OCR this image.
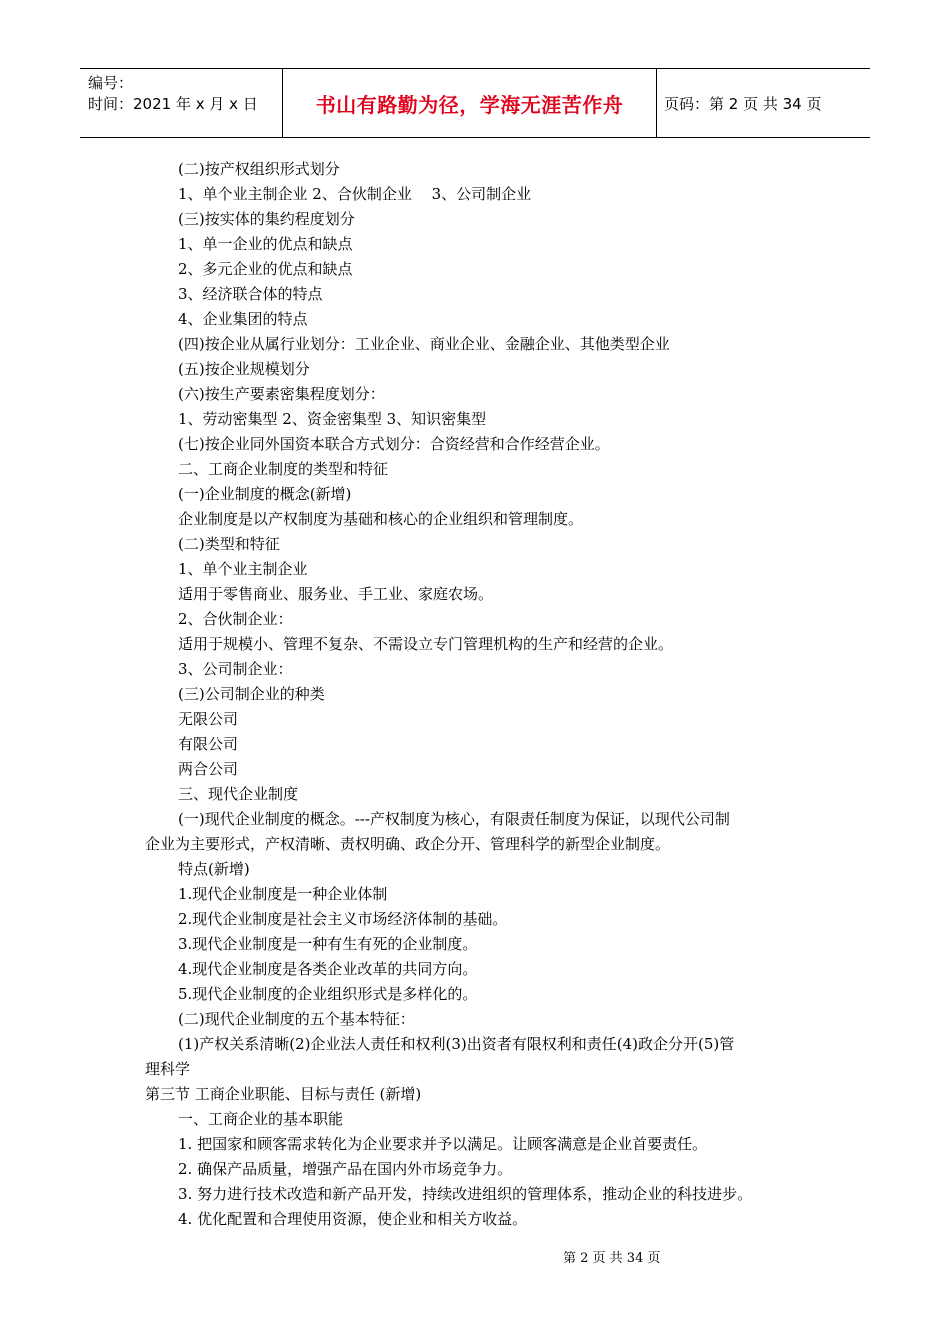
编号：
时间：2021 年 x 月 x 日	书山有路勤为径，学海无涯苦作舟	页码：第 2 页 共 34 页
(二)按产权组织形式划分
1、单个业主制企业 2、合伙制企业　 3、公司制企业
(三)按实体的集约程度划分
1、单一企业的优点和缺点
2、多元企业的优点和缺点
3、经济联合体的特点
4、企业集团的特点
(四)按企业从属行业划分：工业企业、商业企业、金融企业、其他类型企业
(五)按企业规模划分
(六)按生产要素密集程度划分：
1、劳动密集型 2、资金密集型 3、知识密集型
(七)按企业同外国资本联合方式划分：合资经营和合作经营企业。
二、工商企业制度的类型和特征
(一)企业制度的概念(新增)
企业制度是以产权制度为基础和核心的企业组织和管理制度。
(二)类型和特征
1、单个业主制企业
适用于零售商业、服务业、手工业、家庭农场。
2、合伙制企业：
适用于规模小、管理不复杂、不需设立专门管理机构的生产和经营的企业。
3、公司制企业：
(三)公司制企业的种类
无限公司
有限公司
两合公司
三、现代企业制度
(一)现代企业制度的概念。---产权制度为核心，有限责任制度为保证，以现代公司制
企业为主要形式，产权清晰、责权明确、政企分开、管理科学的新型企业制度。
特点(新增)
1.现代企业制度是一种企业体制
2.现代企业制度是社会主义市场经济体制的基础。
3.现代企业制度是一种有生有死的企业制度。
4.现代企业制度是各类企业改革的共同方向。
5.现代企业制度的企业组织形式是多样化的。
(二)现代企业制度的五个基本特征：
(1)产权关系清晰(2)企业法人责任和权利(3)出资者有限权利和责任(4)政企分开(5)管
理科学
第三节 工商企业职能、目标与责任 (新增)
一、工商企业的基本职能
1. 把国家和顾客需求转化为企业要求并予以满足。让顾客满意是企业首要责任。
2. 确保产品质量，增强产品在国内外市场竞争力。
3. 努力进行技术改造和新产品开发，持续改进组织的管理体系，推动企业的科技进步。
4. 优化配置和合理使用资源，使企业和相关方收益。
第 2 页 共 34 页
